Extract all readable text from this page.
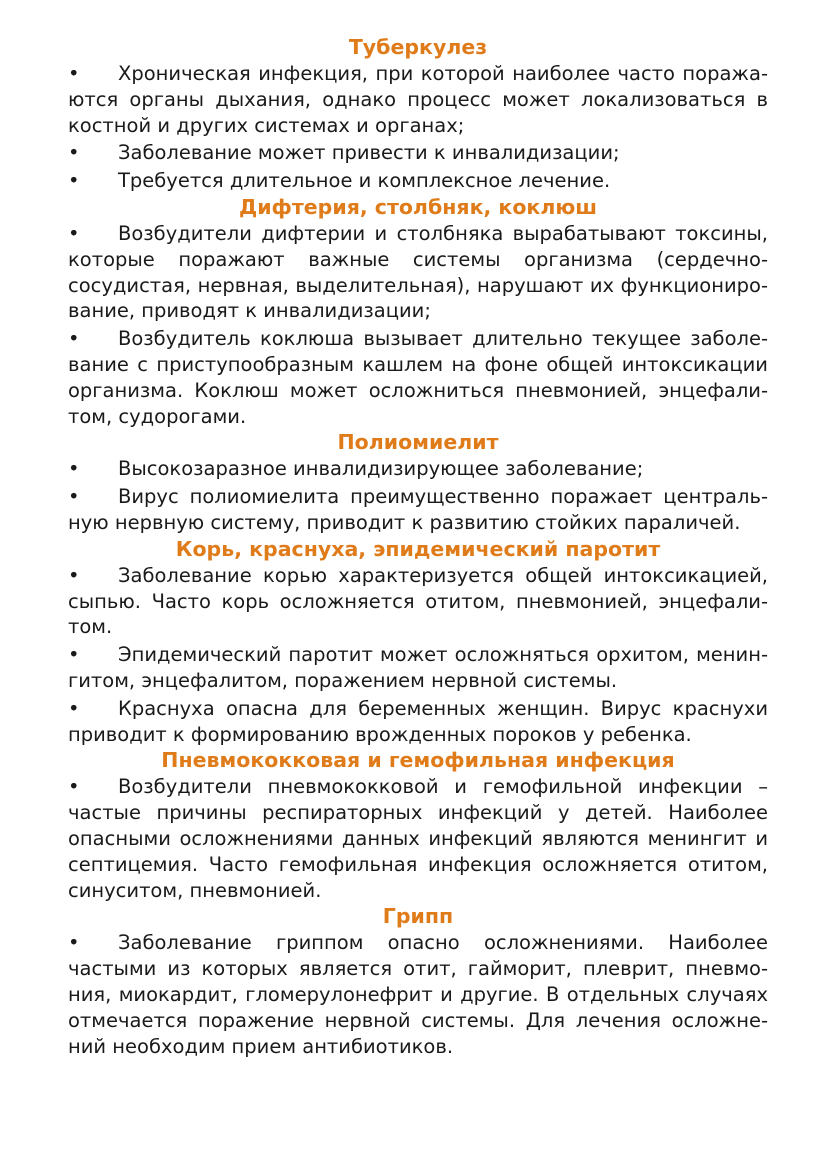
Туберкулез

• Хроническая инфекция, при которой наиболее часто поража-ются органы дыхания, однако процесс может локализоваться в костной и других системах и органах;

• Заболевание может привести к инвалидизации;

• Требуется длительное и комплексное лечение.

Дифтерия, столбняк, коклюш

• Возбудители дифтерии и столбняка вырабатывают токсины, которые поражают важные системы организма (сердечно-сосудистая, нервная, выделительная), нарушают их функциониро-вание, приводят к инвалидизации;

• Возбудитель коклюша вызывает длительно текущее заболе-вание с приступообразным кашлем на фоне общей интоксикации организма. Коклюш может осложниться пневмонией, энцефали-том, судорогами.

Полиомиелит

• Высокозаразное инвалидизирующее заболевание;

• Вирус полиомиелита преимущественно поражает централь-ную нервную систему, приводит к развитию стойких параличей.

Корь, краснуха, эпидемический паротит

• Заболевание корью характеризуется общей интоксикацией, сыпью. Часто корь осложняется отитом, пневмонией, энцефали-том.

• Эпидемический паротит может осложняться орхитом, менин-гитом, энцефалитом, поражением нервной системы.

• Краснуха опасна для беременных женщин. Вирус краснухи приводит к формированию врожденных пороков у ребенка.

Пневмококковая и гемофильная инфекция

• Возбудители пневмококковой и гемофильной инфекции – частые причины респираторных инфекций у детей. Наиболее опасными осложнениями данных инфекций являются менингит и септицемия. Часто гемофильная инфекция осложняется отитом, синуситом, пневмонией.

Грипп

• Заболевание гриппом опасно осложнениями. Наиболее частыми из которых является отит, гайморит, плеврит, пневмо-ния, миокардит, гломерулонефрит и другие. В отдельных случаях отмечается поражение нервной системы. Для лечения осложне-ний необходим прием антибиотиков.
